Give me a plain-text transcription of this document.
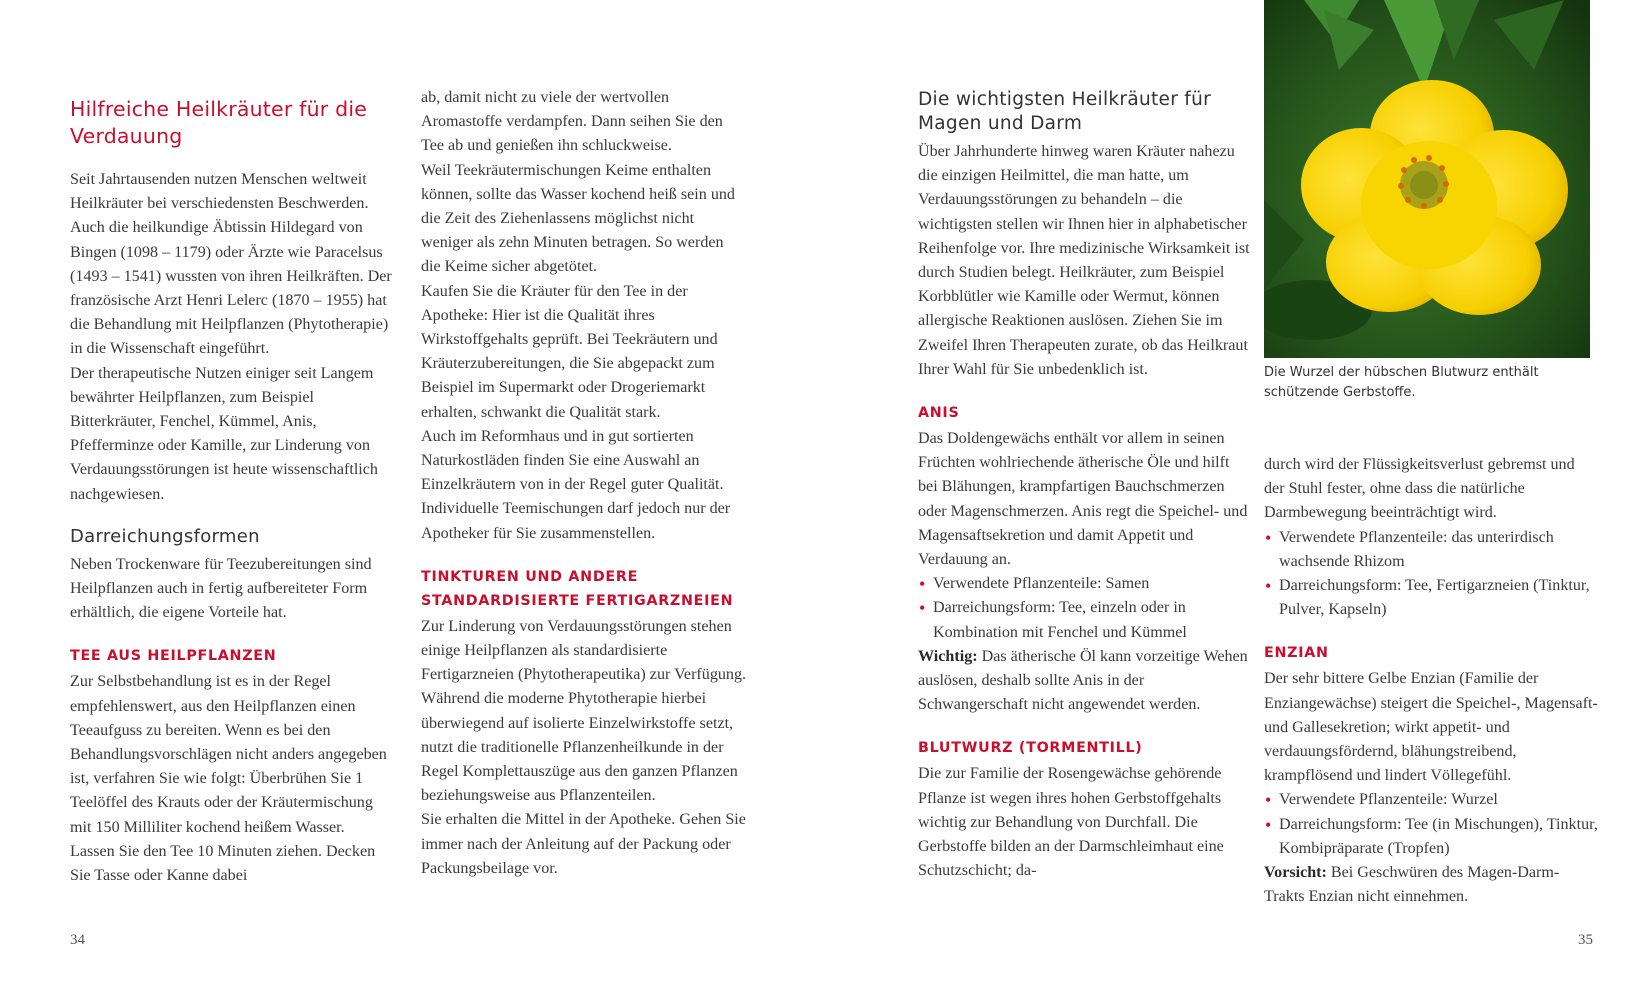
Hilfreiche Heilkräuter für die Verdauung

Seit Jahrtausenden nutzen Menschen weltweit Heilkräuter bei verschiedensten Beschwerden. Auch die heilkundige Äbtissin Hildegard von Bingen (1098 – 1179) oder Ärzte wie Paracelsus (1493 – 1541) wussten von ihren Heilkräften. Der französische Arzt Henri Lelerc (1870 – 1955) hat die Behandlung mit Heilpflanzen (Phytotherapie) in die Wissenschaft eingeführt.

Der therapeutische Nutzen einiger seit Langem bewährter Heilpflanzen, zum Beispiel Bitterkräuter, Fenchel, Kümmel, Anis, Pfefferminze oder Kamille, zur Linderung von Verdauungsstörungen ist heute wissenschaftlich nachgewiesen.

Darreichungsformen

Neben Trockenware für Teezubereitungen sind Heilpflanzen auch in fertig aufbereiteter Form erhältlich, die eigene Vorteile hat.

TEE AUS HEILPFLANZEN

Zur Selbstbehandlung ist es in der Regel empfehlenswert, aus den Heilpflanzen einen Teeaufguss zu bereiten. Wenn es bei den Behandlungsvorschlägen nicht anders angegeben ist, verfahren Sie wie folgt: Überbrühen Sie 1 Teelöffel des Krauts oder der Kräutermischung mit 150 Milliliter kochend heißem Wasser. Lassen Sie den Tee 10 Minuten ziehen. Decken Sie Tasse oder Kanne dabei

ab, damit nicht zu viele der wertvollen Aromastoffe verdampfen. Dann seihen Sie den Tee ab und genießen ihn schluckweise.

Weil Teekräutermischungen Keime enthalten können, sollte das Wasser kochend heiß sein und die Zeit des Ziehenlassens möglichst nicht weniger als zehn Minuten betragen. So werden die Keime sicher abgetötet.

Kaufen Sie die Kräuter für den Tee in der Apotheke: Hier ist die Qualität ihres Wirkstoffgehalts geprüft. Bei Teekräutern und Kräuterzubereitungen, die Sie abgepackt zum Beispiel im Supermarkt oder Drogeriemarkt erhalten, schwankt die Qualität stark.

Auch im Reformhaus und in gut sortierten Naturkostläden finden Sie eine Auswahl an Einzelkräutern von in der Regel guter Qualität. Individuelle Teemischungen darf jedoch nur der Apotheker für Sie zusammenstellen.

TINKTUREN UND ANDERE STANDARDISIERTE FERTIGARZNEIEN

Zur Linderung von Verdauungsstörungen stehen einige Heilpflanzen als standardisierte Fertigarzneien (Phytotherapeutika) zur Verfügung. Während die moderne Phytotherapie hierbei überwiegend auf isolierte Einzelwirkstoffe setzt, nutzt die traditionelle Pflanzenheilkunde in der Regel Komplettauszüge aus den ganzen Pflanzen beziehungsweise aus Pflanzenteilen.

Sie erhalten die Mittel in der Apotheke. Gehen Sie immer nach der Anleitung auf der Packung oder Packungsbeilage vor.

34
Die wichtigsten Heilkräuter für Magen und Darm

Über Jahrhunderte hinweg waren Kräuter nahezu die einzigen Heilmittel, die man hatte, um Verdauungsstörungen zu behandeln – die wichtigsten stellen wir Ihnen hier in alphabetischer Reihenfolge vor. Ihre medizinische Wirksamkeit ist durch Studien belegt. Heilkräuter, zum Beispiel Korbblütler wie Kamille oder Wermut, können allergische Reaktionen auslösen. Ziehen Sie im Zweifel Ihren Therapeuten zurate, ob das Heilkraut Ihrer Wahl für Sie unbedenklich ist.

ANIS

Das Doldengewächs enthält vor allem in seinen Früchten wohlriechende ätherische Öle und hilft bei Blähungen, krampfartigen Bauchschmerzen oder Magenschmerzen. Anis regt die Speichel- und Magensaftsekretion und damit Appetit und Verdauung an.

• Verwendete Pflanzenteile: Samen
• Darreichungsform: Tee, einzeln oder in Kombination mit Fenchel und Kümmel

Wichtig: Das ätherische Öl kann vorzeitige Wehen auslösen, deshalb sollte Anis in der Schwangerschaft nicht angewendet werden.

BLUTWURZ (TORMENTILL)

Die zur Familie der Rosengewächse gehörende Pflanze ist wegen ihres hohen Gerbstoffgehalts wichtig zur Behandlung von Durchfall. Die Gerbstoffe bilden an der Darmschleimhaut eine Schutzschicht; da-

Die Wurzel der hübschen Blutwurz enthält schützende Gerbstoffe.

durch wird der Flüssigkeitsverlust gebremst und der Stuhl fester, ohne dass die natürliche Darmbewegung beeinträchtigt wird.

• Verwendete Pflanzenteile: das unterirdisch wachsende Rhizom
• Darreichungsform: Tee, Fertigarzneien (Tinktur, Pulver, Kapseln)
ENZIAN

Der sehr bittere Gelbe Enzian (Familie der Enziangewächse) steigert die Speichel-, Magensaft- und Gallesekretion; wirkt appetit- und verdauungsfördernd, blähungstreibend, krampflösend und lindert Völlegefühl.

• Verwendete Pflanzenteile: Wurzel
• Darreichungsform: Tee (in Mischungen), Tinktur, Kombipräparate (Tropfen)

Vorsicht: Bei Geschwüren des Magen-Darm-Trakts Enzian nicht einnehmen.

35
